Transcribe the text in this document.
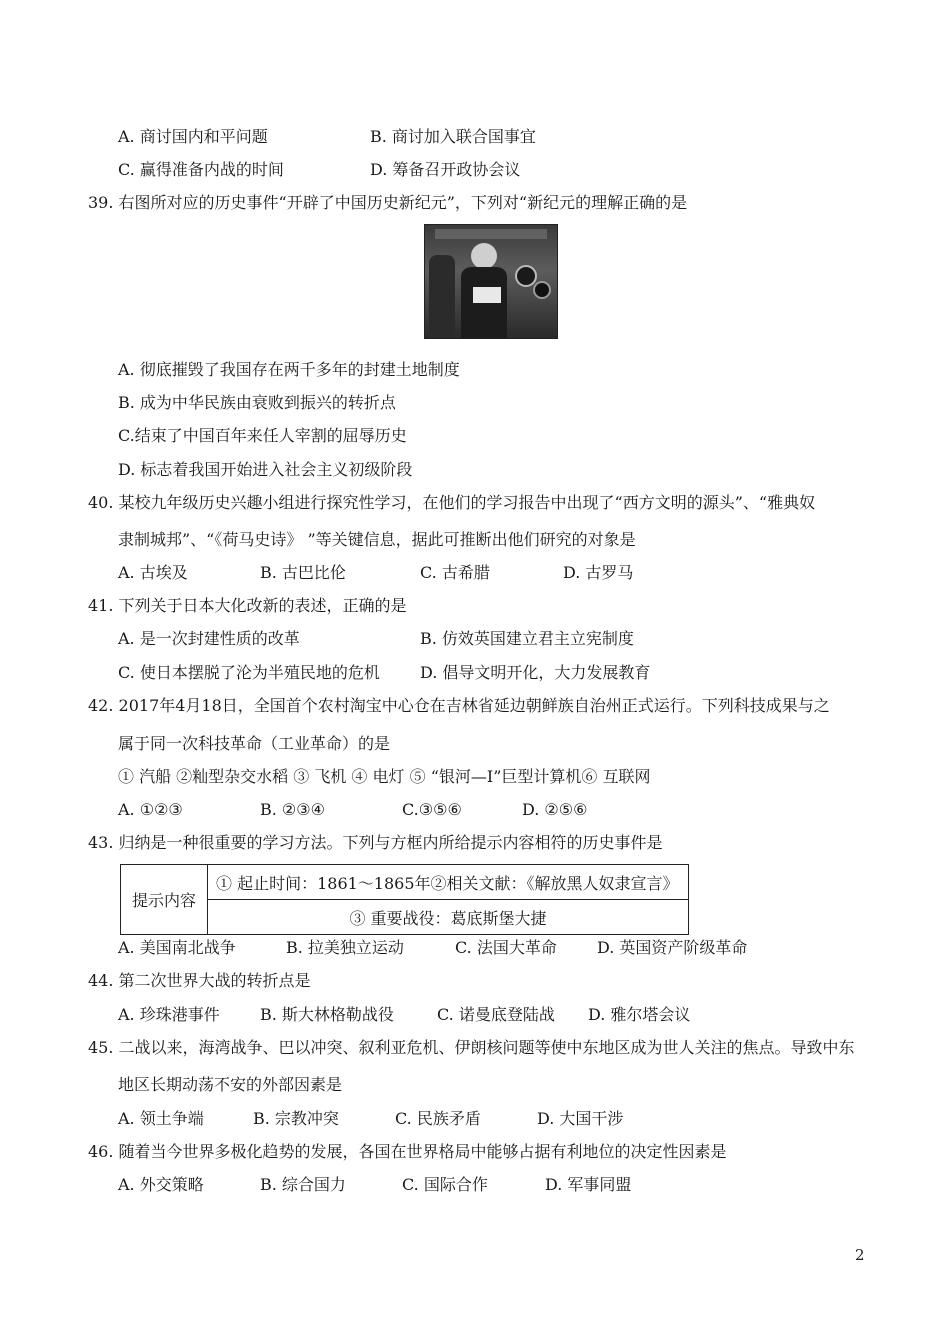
A. 商讨国内和平问题	B. 商讨加入联合国事宜
C. 赢得准备内战的时间	D. 筹备召开政协会议
39. 右图所对应的历史事件“开辟了中国历史新纪元”，下列对“新纪元的理解正确的是
A. 彻底摧毁了我国存在两千多年的封建土地制度
B. 成为中华民族由衰败到振兴的转折点
C.结束了中国百年来任人宰割的屈辱历史
D. 标志着我国开始进入社会主义初级阶段
40. 某校九年级历史兴趣小组进行探究性学习，在他们的学习报告中出现了“西方文明的源头”、“雅典奴
隶制城邦”、“《荷马史诗》 ”等关键信息，据此可推断出他们研究的对象是
A. 古埃及	B. 古巴比伦	C. 古希腊	D. 古罗马
41. 下列关于日本大化改新的表述，正确的是
A. 是一次封建性质的改革	B. 仿效英国建立君主立宪制度
C. 使日本摆脱了沦为半殖民地的危机	D. 倡导文明开化，大力发展教育
42. 2017年4月18日，全国首个农村淘宝中心仓在吉林省延边朝鲜族自治州正式运行。下列科技成果与之
属于同一次科技革命（工业革命）的是
① 汽船 ②籼型杂交水稻 ③ 飞机 ④ 电灯 ⑤ “银河—I”巨型计算机⑥ 互联网
A. ①②③	B. ②③④	C.③⑤⑥	D. ②⑤⑥
43. 归纳是一种很重要的学习方法。下列与方框内所给提示内容相符的历史事件是
提示内容	① 起止时间：1861～1865年②相关文献：《解放黑人奴隶宣言》
③ 重要战役：葛底斯堡大捷
A. 美国南北战争	B. 拉美独立运动	C. 法国大革命	D. 英国资产阶级革命
44. 第二次世界大战的转折点是
A. 珍珠港事件	B. 斯大林格勒战役	C. 诺曼底登陆战 D. 雅尔塔会议
45. 二战以来，海湾战争、巴以冲突、叙利亚危机、伊朗核问题等使中东地区成为世人关注的焦点。导致中东
地区长期动荡不安的外部因素是
A. 领土争端	B. 宗教冲突	C. 民族矛盾	D. 大国干涉
46. 随着当今世界多极化趋势的发展，各国在世界格局中能够占据有利地位的决定性因素是
A. 外交策略	B. 综合国力	C. 国际合作	D. 军事同盟
2
